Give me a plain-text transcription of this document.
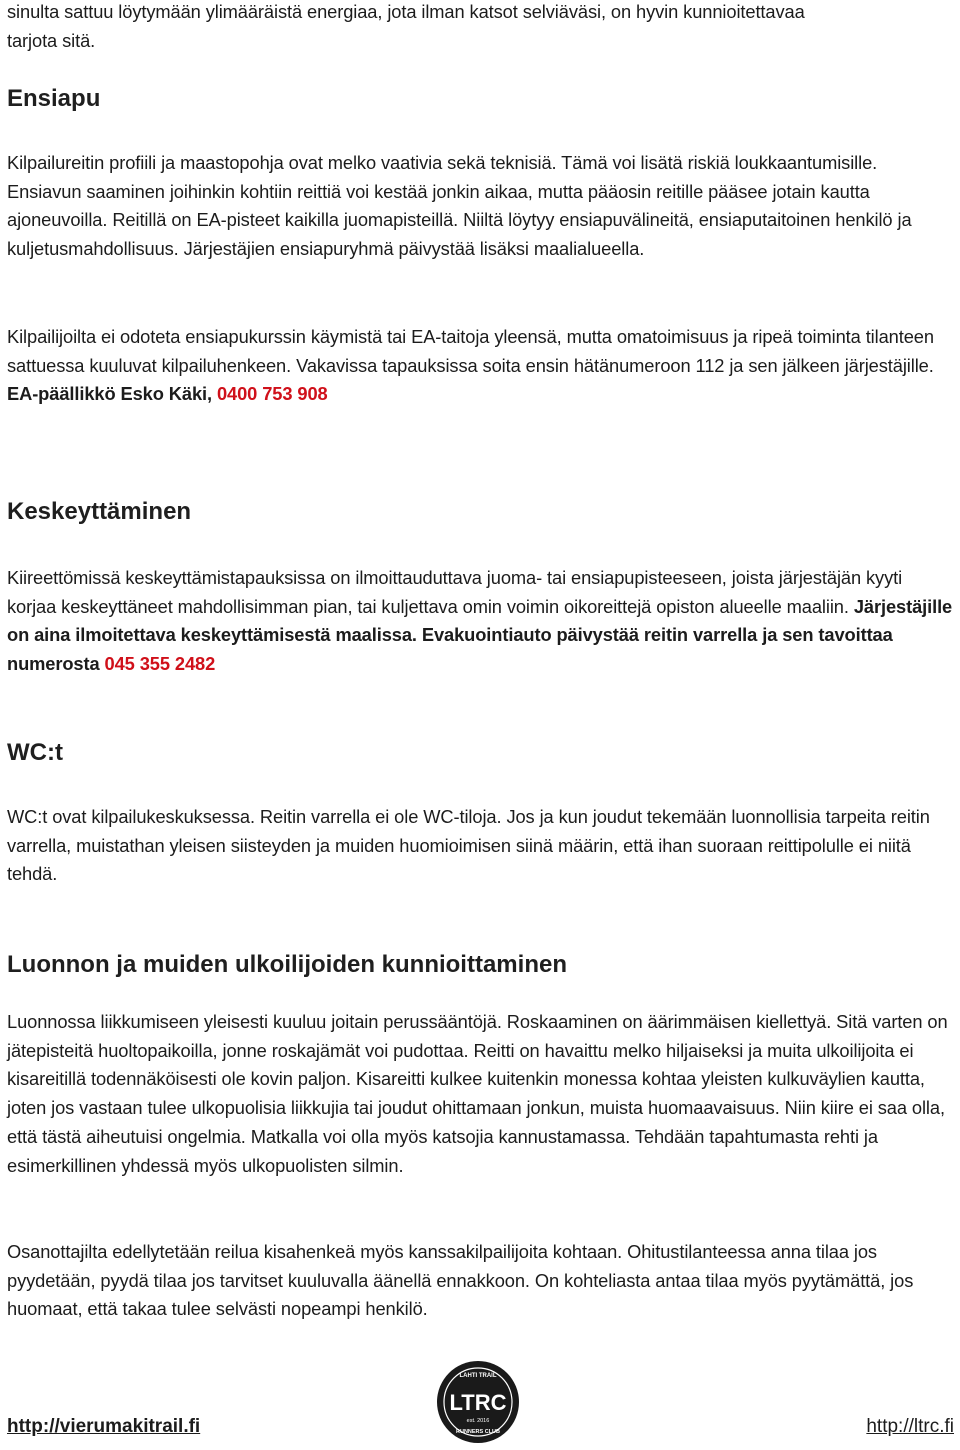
sinulta sattuu löytymään ylimääräistä energiaa, jota ilman katsot selviäväsi, on hyvin kunnioitettavaa tarjota sitä.

Ensiapu

Kilpailureitin profiili ja maastopohja ovat melko vaativia sekä teknisiä. Tämä voi lisätä riskiä loukkaantumisille. Ensiavun saaminen joihinkin kohtiin reittiä voi kestää jonkin aikaa, mutta pääosin reitille pääsee jotain kautta ajoneuvoilla. Reitillä on EA-pisteet kaikilla juomapisteillä. Niiltä löytyy ensiapuvälineitä, ensiaputaitoinen henkilö ja kuljetusmahdollisuus. Järjestäjien ensiapuryhmä päivystää lisäksi maalialueella.

Kilpailijoilta ei odoteta ensiapukurssin käymistä tai EA-taitoja yleensä, mutta omatoimisuus ja ripeä toiminta tilanteen sattuessa kuuluvat kilpailuhenkeen. Vakavissa tapauksissa soita ensin hätänumeroon 112 ja sen jälkeen järjestäjille. EA-päällikkö Esko Käki, 0400 753 908

Keskeyttäminen

Kiireettömissä keskeyttämistapauksissa on ilmoittauduttava juoma- tai ensiapupisteeseen, joista järjestäjän kyyti korjaa keskeyttäneet mahdollisimman pian, tai kuljettava omin voimin oikoreittejä opiston alueelle maaliin. Järjestäjille on aina ilmoitettava keskeyttämisestä maalissa. Evakuointiauto päivystää reitin varrella ja sen tavoittaa numerosta 045 355 2482

WC:t

WC:t ovat kilpailukeskuksessa. Reitin varrella ei ole WC-tiloja. Jos ja kun joudut tekemään luonnollisia tarpeita reitin varrella, muistathan yleisen siisteyden ja muiden huomioimisen siinä määrin, että ihan suoraan reittipolulle ei niitä tehdä.

Luonnon ja muiden ulkoilijoiden kunnioittaminen

Luonnossa liikkumiseen yleisesti kuuluu joitain perussääntöjä. Roskaaminen on äärimmäisen kiellettyä. Sitä varten on jätepisteitä huoltopaikoilla, jonne roskajämät voi pudottaa. Reitti on havaittu melko hiljaiseksi ja muita ulkoilijoita ei kisareitillä todennäköisesti ole kovin paljon. Kisareitti kulkee kuitenkin monessa kohtaa yleisten kulkuväylien kautta, joten jos vastaan tulee ulkopuolisia liikkujia tai joudut ohittamaan jonkun, muista huomaavaisuus. Niin kiire ei saa olla, että tästä aiheutuisi ongelmia. Matkalla voi olla myös katsojia kannustamassa. Tehdään tapahtumasta rehti ja esimerkillinen yhdessä myös ulkopuolisten silmin.

Osanottajilta edellytetään reilua kisahenkeä myös kanssakilpailijoita kohtaan. Ohitustilanteessa anna tilaa jos pyydetään, pyydä tilaa jos tarvitset kuuluvalla äänellä ennakkoon. On kohteliasta antaa tilaa myös pyytämättä, jos huomaat, että takaa tulee selvästi nopeampi henkilö.

LTRC
LAHTI TRAIL
est. 2016
RUNNERS CLUB
http://vierumakitrail.fi	http://ltrc.fi
